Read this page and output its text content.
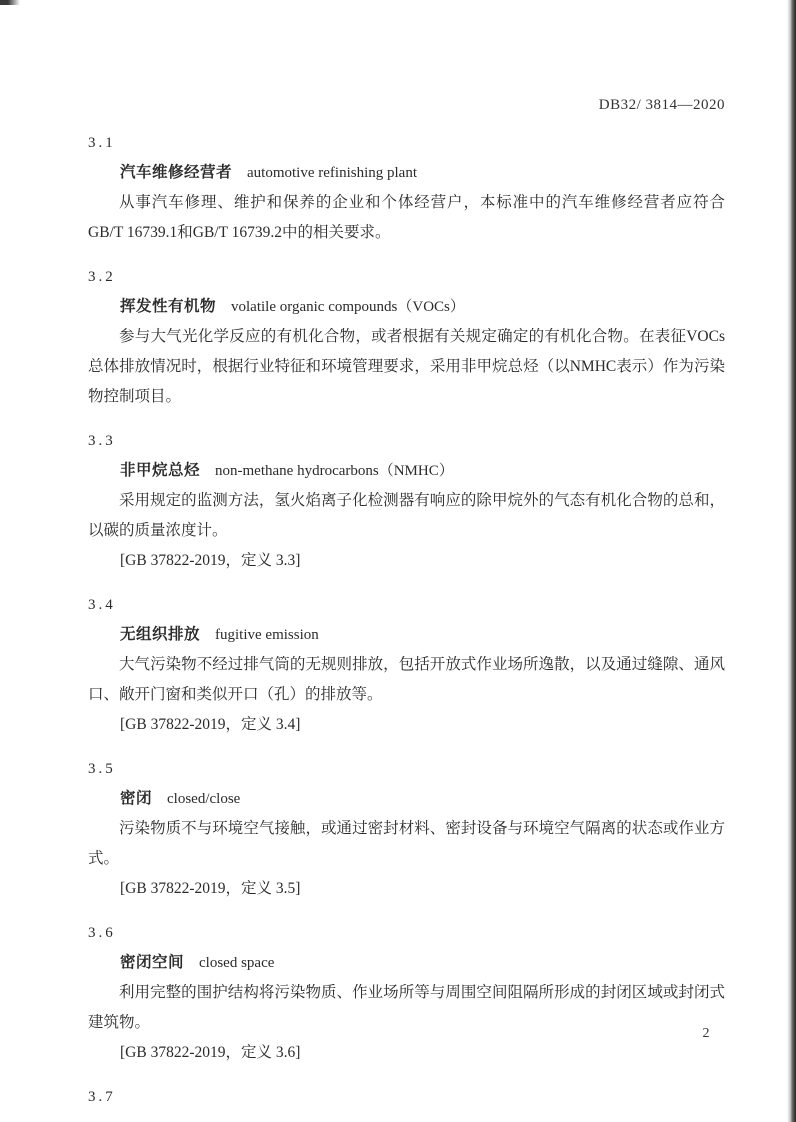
DB32/ 3814—2020
3.1
汽车维修经营者 automotive refinishing plant

从事汽车修理、维护和保养的企业和个体经营户，本标准中的汽车维修经营者应符合GB/T 16739.1和GB/T 16739.2中的相关要求。

3.2
挥发性有机物 volatile organic compounds（VOCs）

参与大气光化学反应的有机化合物，或者根据有关规定确定的有机化合物。在表征VOCs总体排放情况时，根据行业特征和环境管理要求，采用非甲烷总烃（以NMHC表示）作为污染物控制项目。

3.3
非甲烷总烃 non-methane hydrocarbons（NMHC）

采用规定的监测方法，氢火焰离子化检测器有响应的除甲烷外的气态有机化合物的总和，以碳的质量浓度计。

[GB 37822-2019，定义 3.3]
3.4
无组织排放 fugitive emission

大气污染物不经过排气筒的无规则排放，包括开放式作业场所逸散，以及通过缝隙、通风口、敞开门窗和类似开口（孔）的排放等。

[GB 37822-2019，定义 3.4]
3.5
密闭 closed/close

污染物质不与环境空气接触，或通过密封材料、密封设备与环境空气隔离的状态或作业方式。

[GB 37822-2019，定义 3.5]
3.6
密闭空间 closed space

利用完整的围护结构将污染物质、作业场所等与周围空间阻隔所形成的封闭区域或封闭式建筑物。

[GB 37822-2019，定义 3.6]
3.7
2
